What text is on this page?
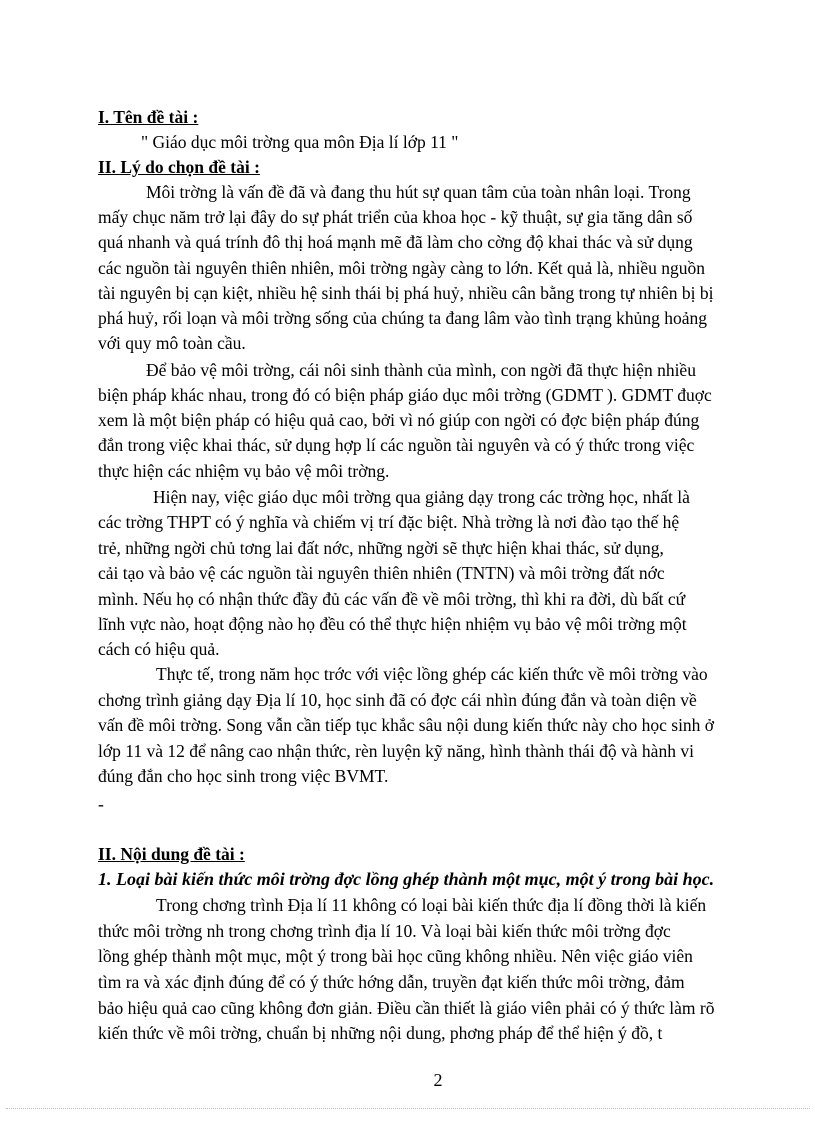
I. Tên đề tài :

" Giáo dục môi trờng qua môn Địa lí lớp 11 "

II. Lý do chọn đề tài :

Môi trờng là vấn đề đã và đang thu hút sự quan tâm của toàn nhân loại. Trong

mấy chục năm trở lại đây do sự phát triển của khoa học - kỹ thuật, sự gia tăng dân số

quá nhanh và quá trính đô thị hoá mạnh mẽ đã làm cho cờng độ khai thác và sử dụng

các nguồn tài nguyên thiên nhiên, môi trờng ngày càng to lớn. Kết quả là, nhiều nguồn

tài nguyên bị cạn kiệt, nhiều hệ sinh thái bị phá huỷ, nhiều cân bằng trong tự nhiên bị bị

phá huỷ, rối loạn và môi trờng sống của chúng ta đang lâm vào tình trạng khủng hoảng

với quy mô toàn cầu.

Để bảo vệ môi trờng, cái nôi sinh thành của mình, con ngời đã thực hiện nhiều

biện pháp khác nhau, trong đó có biện pháp giáo dục môi trờng (GDMT ). GDMT đuợc

xem là một biện pháp có hiệu quả cao, bởi vì nó giúp con ngời có đợc biện pháp đúng

đắn trong việc khai thác, sử dụng hợp lí các nguồn tài nguyên và có ý thức trong việc

thực hiện các nhiệm vụ bảo vệ môi trờng.

Hiện nay, việc giáo dục môi trờng qua giảng dạy trong các trờng học, nhất là

các trờng THPT có ý nghĩa và chiếm vị trí đặc biệt. Nhà trờng là nơi đào tạo thế hệ

trẻ, những ngời chủ tơng lai đất nớc, những ngời sẽ thực hiện khai thác, sử dụng,

cải tạo và bảo vệ các nguồn tài nguyên thiên nhiên (TNTN) và môi trờng đất nớc

mình. Nếu họ có nhận thức đầy đủ các vấn đề về môi trờng, thì khi ra đời, dù bất cứ

lĩnh vực nào, hoạt động nào họ đều có thể thực hiện nhiệm vụ bảo vệ môi trờng một

cách có hiệu quả.

Thực tế, trong năm học trớc với việc lồng ghép các kiến thức về môi trờng vào

chơng trình giảng dạy Địa lí 10, học sinh đã có đợc cái nhìn đúng đắn và toàn diện về

vấn đề môi trờng. Song vẫn cần tiếp tục khắc sâu nội dung kiến thức này cho học sinh ở

lớp 11 và 12 để nâng cao nhận thức, rèn luyện kỹ năng, hình thành thái độ và hành vi

đúng đắn cho học sinh trong việc BVMT.

-

II. Nội dung đề tài :

1. Loại bài kiến thức môi trờng đợc lồng ghép thành một mục, một ý trong bài học.

Trong chơng trình Địa lí 11 không có loại bài kiến thức địa lí đồng thời là kiến

thức môi trờng nh trong chơng trình địa lí 10. Và loại bài kiến thức môi trờng đợc

lồng ghép thành một mục, một ý trong bài học cũng không nhiều. Nên việc giáo viên

tìm ra và xác định đúng để có ý thức hớng dẫn, truyền đạt kiến thức môi trờng, đảm

bảo hiệu quả cao cũng không đơn giản. Điều cần thiết là giáo viên phải có ý thức làm rõ

kiến thức về môi trờng, chuẩn bị những nội dung, phơng pháp để thể hiện ý đồ, t

2
